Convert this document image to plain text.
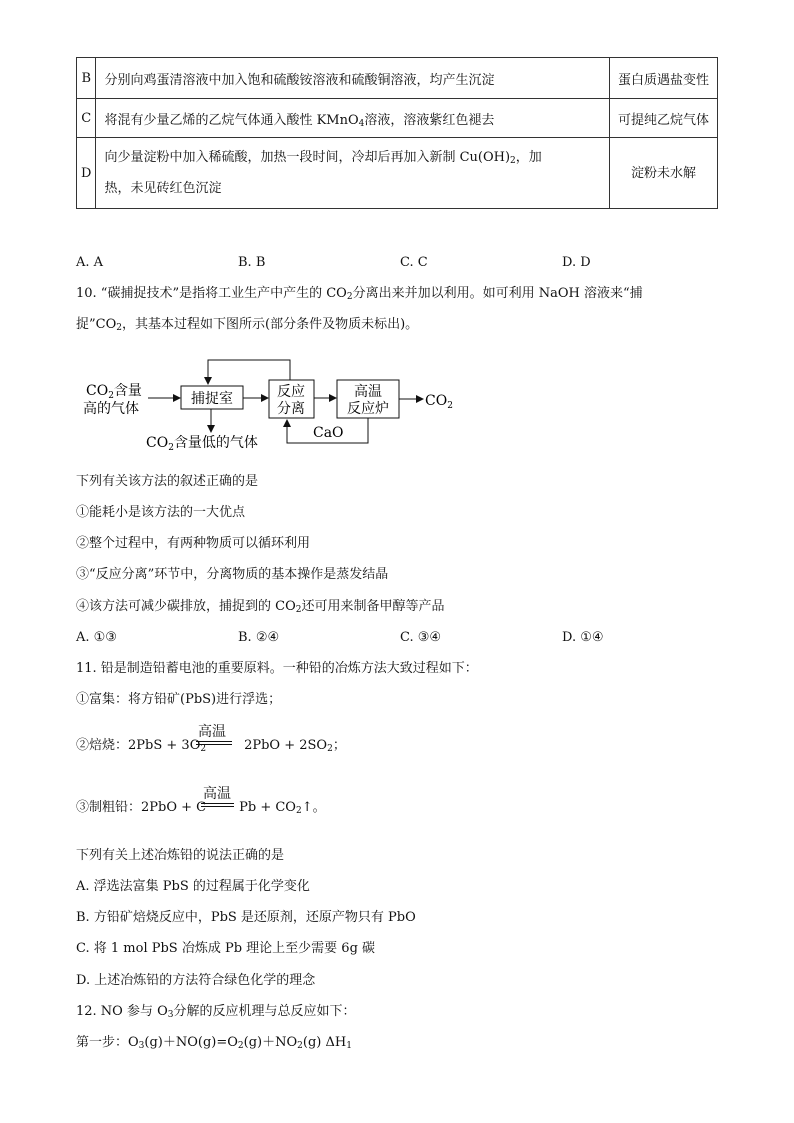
B	分别向鸡蛋清溶液中加入饱和硫酸铵溶液和硫酸铜溶液，均产生沉淀	蛋白质遇盐变性
C	将混有少量乙烯的乙烷气体通入酸性 KMnO$_4$溶液，溶液紫红色褪去	可提纯乙烷气体
D	向少量淀粉中加入稀硫酸，加热一段时间，冷却后再加入新制 $Cu(OH)_2$，加
热，未见砖红色沉淀	淀粉未水解
A. A	B. B	C. C	D. D
10. “碳捕捉技术”是指将工业生产中产生的 $CO_2$分离出来并加以利用。如可利用 NaOH 溶液来“捕
捉$”CO_2$，其基本过程如下图所示(部分条件及物质未标出)。
$CO_2$含量
高的气体
捕捉室	反应
分离
高温
反应炉	$CO_2$
CaO
$CO_2$含量低的气体
下列有关该方法的叙述正确的是
①能耗小是该方法的一大优点
②整个过程中，有两种物质可以循环利用
③“反应分离”环节中，分离物质的基本操作是蒸发结晶
④该方法可减少碳排放，捕捉到的 $CO_2$还可用来制备甲醇等产品
A. ①③	B. ②④	C. ③④	D. ①④
11. 铅是制造铅蓄电池的重要原料。一种铅的冶炼方法大致过程如下：
①富集：将方铅矿(PbS)进行浮选；
②焙烧：$2PbS + 3O_2$	$2PbO + 2SO_2$；
高温
③制粗铅：2PbO + C	$Pb + CO_2↑$。
高温
下列有关上述冶炼铅的说法正确的是
A. 浮选法富集 PbS 的过程属于化学变化
B. 方铅矿焙烧反应中，PbS 是还原剂，还原产物只有 PbO
C. 将 1 mol PbS 冶炼成 Pb 理论上至少需要 6g 碳
D. 上述冶炼铅的方法符合绿色化学的理念
12. NO 参与 $O_3$分解的反应机理与总反应如下：
第一步：$O_3(g)+NO(g)=O_2(g)+NO_2(g)$ $\Delta H_1$
